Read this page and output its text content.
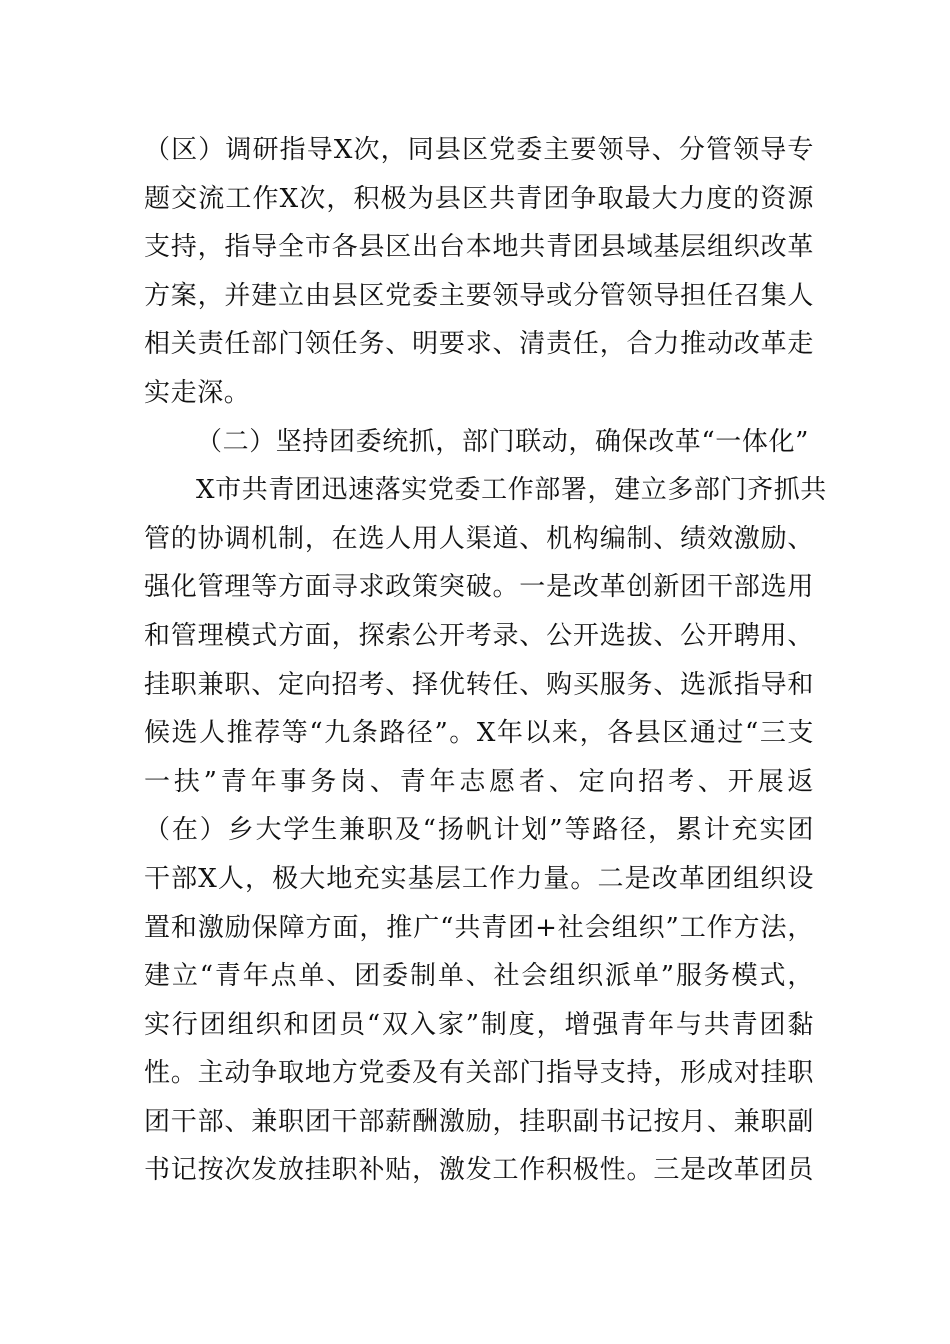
（区）调研指导X次，同县区党委主要领导、分管领导专
题交流工作X次，积极为县区共青团争取最大力度的资源
支持，指导全市各县区出台本地共青团县域基层组织改革
方案，并建立由县区党委主要领导或分管领导担任召集人
相关责任部门领任务、明要求、清责任，合力推动改革走
实走深。
（二）坚持团委统抓，部门联动，确保改革“一体化”
X市共青团迅速落实党委工作部署，建立多部门齐抓共
管的协调机制，在选人用人渠道、机构编制、绩效激励、
强化管理等方面寻求政策突破。一是改革创新团干部选用
和管理模式方面，探索公开考录、公开选拔、公开聘用、
挂职兼职、定向招考、择优转任、购买服务、选派指导和
候选人推荐等“九条路径”。X年以来，各县区通过“三支
一扶”青年事务岗、青年志愿者、定向招考、开展返
（在）乡大学生兼职及“扬帆计划”等路径，累计充实团
干部X人，极大地充实基层工作力量。二是改革团组织设
置和激励保障方面，推广“共青团+社会组织”工作方法，
建立“青年点单、团委制单、社会组织派单”服务模式，
实行团组织和团员“双入家”制度，增强青年与共青团黏
性。主动争取地方党委及有关部门指导支持，形成对挂职
团干部、兼职团干部薪酬激励，挂职副书记按月、兼职副
书记按次发放挂职补贴，激发工作积极性。三是改革团员
